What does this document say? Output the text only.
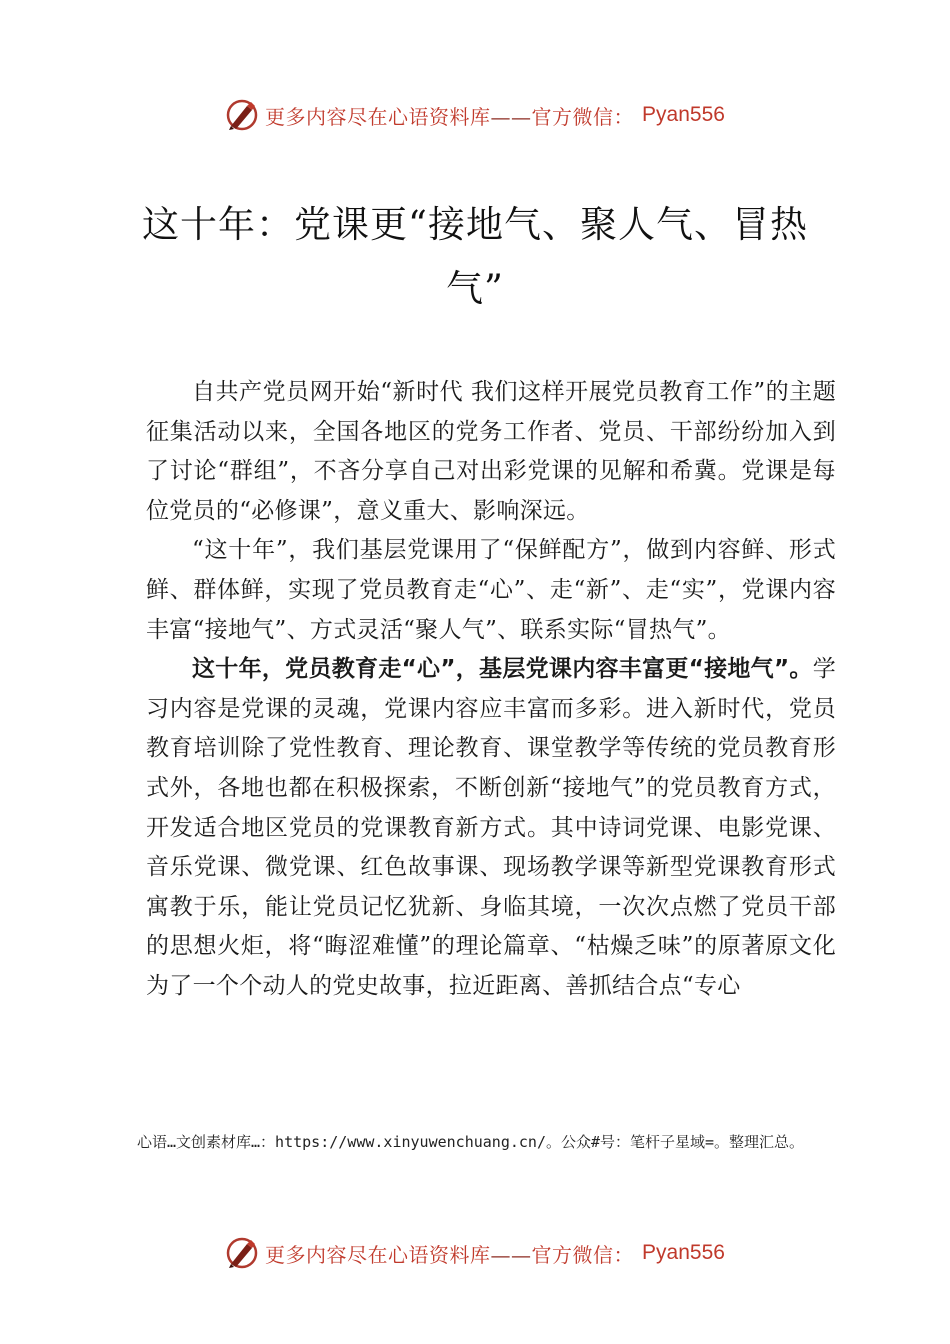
更多内容尽在心语资料库——官方微信： Pyan556
这十年：党课更“接地气、聚人气、冒热气”

自共产党员网开始“新时代 我们这样开展党员教育工作”的主题征集活动以来，全国各地区的党务工作者、党员、干部纷纷加入到了讨论“群组”，不吝分享自己对出彩党课的见解和希冀。党课是每位党员的“必修课”，意义重大、影响深远。

“这十年”，我们基层党课用了“保鲜配方”，做到内容鲜、形式鲜、群体鲜，实现了党员教育走“心”、走“新”、走“实”，党课内容丰富“接地气”、方式灵活“聚人气”、联系实际“冒热气”。

这十年，党员教育走“心”，基层党课内容丰富更“接地气”。学习内容是党课的灵魂，党课内容应丰富而多彩。进入新时代，党员教育培训除了党性教育、理论教育、课堂教学等传统的党员教育形式外，各地也都在积极探索，不断创新“接地气”的党员教育方式，开发适合地区党员的党课教育新方式。其中诗词党课、电影党课、音乐党课、微党课、红色故事课、现场教学课等新型党课教育形式寓教于乐，能让党员记忆犹新、身临其境，一次次点燃了党员干部的思想火炬，将“晦涩难懂”的理论篇章、“枯燥乏味”的原著原文化为了一个个动人的党史故事，拉近距离、善抓结合点“专心

心语…文创素材库…：https://www.xinyuwenchuang.cn/。公众#号：笔杆子星域=。整理汇总。
更多内容尽在心语资料库——官方微信： Pyan556
